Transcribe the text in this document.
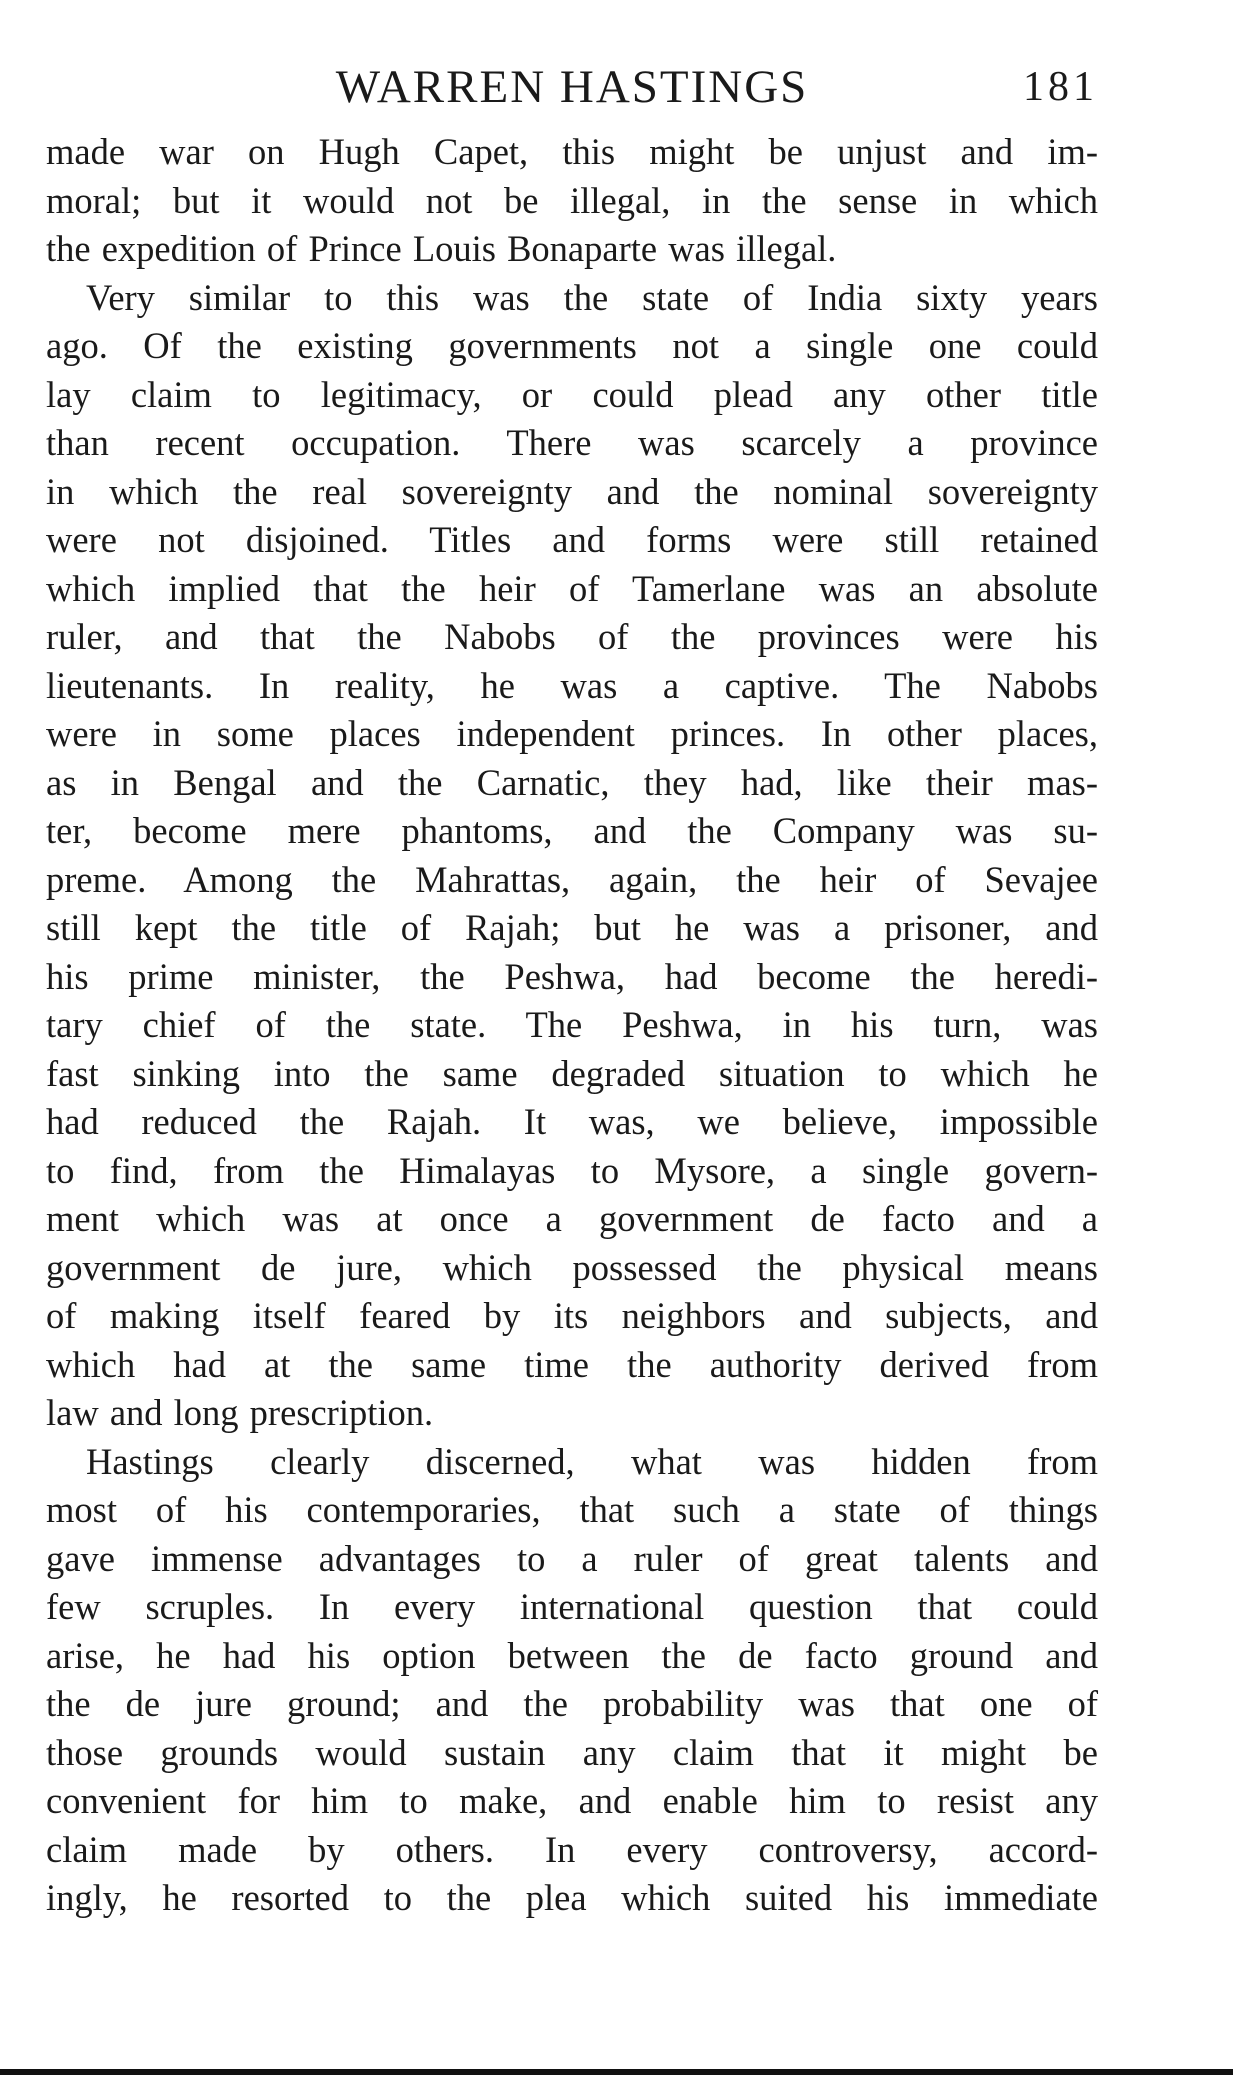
WARREN HASTINGS	181
made war on Hugh Capet, this might be unjust and im-
moral; but it would not be illegal, in the sense in which
the expedition of Prince Louis Bonaparte was illegal.
Very similar to this was the state of India sixty years
ago. Of the existing governments not a single one could
lay claim to legitimacy, or could plead any other title
than recent occupation. There was scarcely a province
in which the real sovereignty and the nominal sovereignty
were not disjoined. Titles and forms were still retained
which implied that the heir of Tamerlane was an absolute
ruler, and that the Nabobs of the provinces were his
lieutenants. In reality, he was a captive. The Nabobs
were in some places independent princes. In other places,
as in Bengal and the Carnatic, they had, like their mas-
ter, become mere phantoms, and the Company was su-
preme. Among the Mahrattas, again, the heir of Sevajee
still kept the title of Rajah; but he was a prisoner, and
his prime minister, the Peshwa, had become the heredi-
tary chief of the state. The Peshwa, in his turn, was
fast sinking into the same degraded situation to which he
had reduced the Rajah. It was, we believe, impossible
to find, from the Himalayas to Mysore, a single govern-
ment which was at once a government de facto and a
government de jure, which possessed the physical means
of making itself feared by its neighbors and subjects, and
which had at the same time the authority derived from
law and long prescription.
Hastings clearly discerned, what was hidden from
most of his contemporaries, that such a state of things
gave immense advantages to a ruler of great talents and
few scruples. In every international question that could
arise, he had his option between the de facto ground and
the de jure ground; and the probability was that one of
those grounds would sustain any claim that it might be
convenient for him to make, and enable him to resist any
claim made by others. In every controversy, accord-
ingly, he resorted to the plea which suited his immediate
